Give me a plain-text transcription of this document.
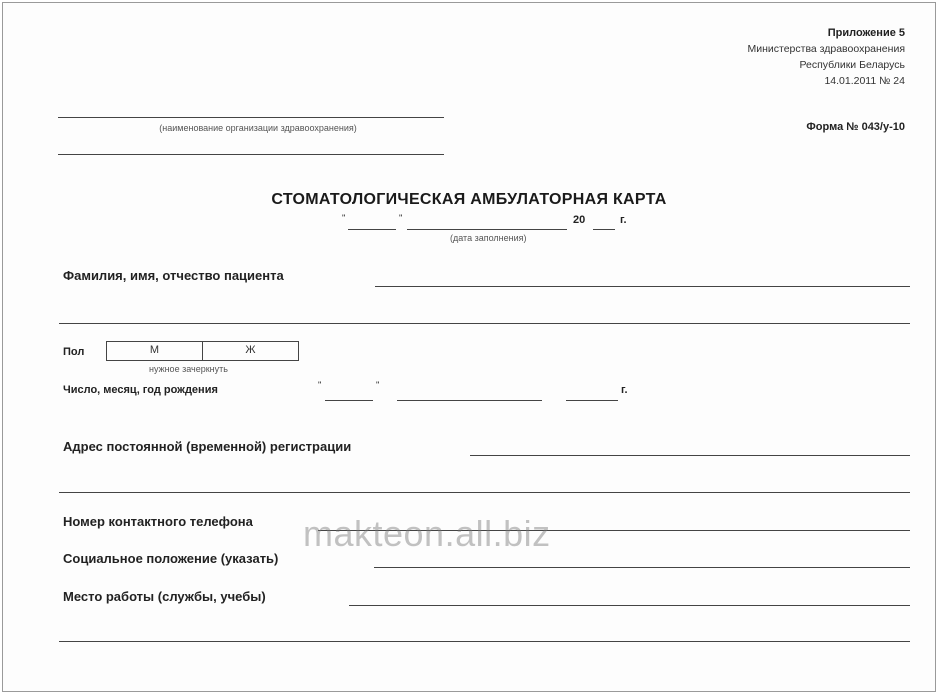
Приложение 5
Министерства здравоохранения
Республики Беларусь
14.01.2011 № 24
(наименование организации здравоохранения)	Форма № 043/у-10
СТОМАТОЛОГИЧЕСКАЯ АМБУЛАТОРНАЯ КАРТА
"	"	20	г.
(дата заполнения)
Фамилия, имя, отчество пациента
Пол	М	Ж
нужное зачеркнуть
Число, месяц, год рождения	"	"	г.
Адрес постоянной (временной) регистрации
Номер контактного телефона
Социальное положение (указать)
Место работы (службы, учебы)
makteon.all.biz
